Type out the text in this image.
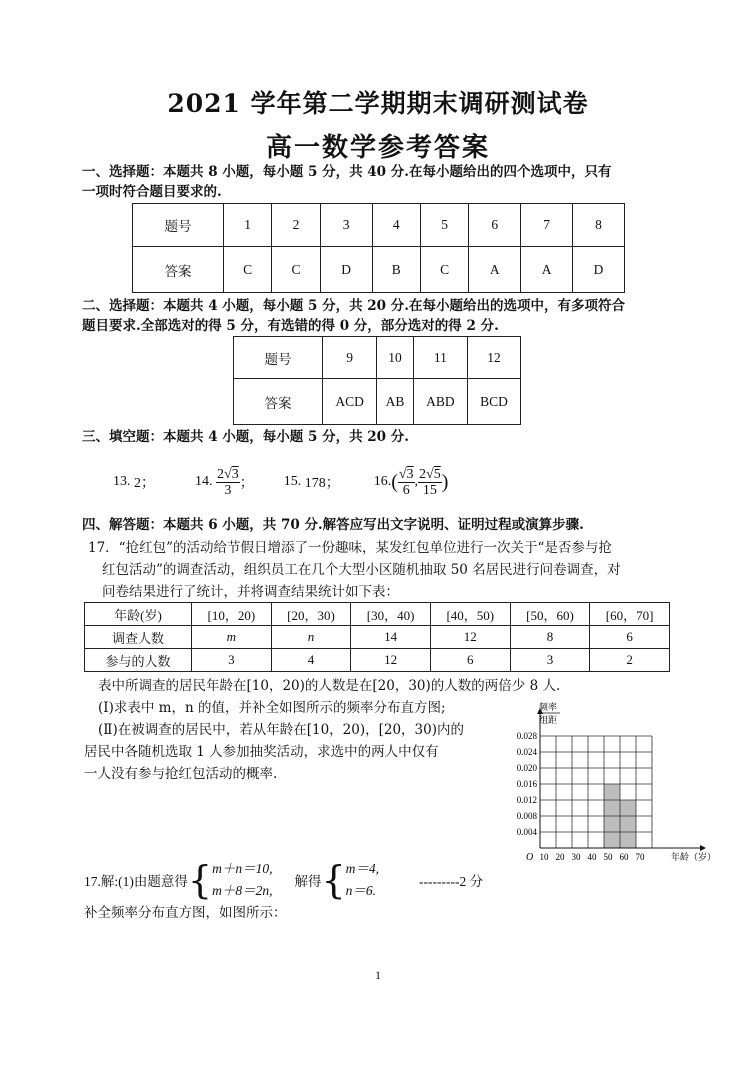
2021 学年第二学期期末调研测试卷
高一数学参考答案
一、选择题：本题共 8 小题，每小题 5 分，共 40 分.在每小题给出的四个选项中，只有
一项时符合题目要求的.
题号	1	2	3	4	5	6	7	8
答案	C	C	D	B	C	A	A	D
二、选择题：本题共 4 小题，每小题 5 分，共 20 分.在每小题给出的选项中，有多项符合
题目要求.全部选对的得 5 分，有选错的得 0 分，部分选对的得 2 分.
题号	9	10	11	12
答案	ACD	AB	ABD	BCD
三、填空题：本题共 4 小题，每小题 5 分，共 20 分.
13.
2；	14.
$\frac{2√3}{3}$ ； 15.
178； 16. ( $\frac{√3}{6}$ , $\frac{2√5}{15}$ )
四、解答题：本题共 6 小题，共 70 分.解答应写出文字说明、证明过程或演算步骤.
17．“抢红包”的活动给节假日增添了一份趣味，某发红包单位进行一次关于“是否参与抢
红包活动”的调查活动，组织员工在几个大型小区随机抽取 50 名居民进行问卷调查，对
问卷结果进行了统计，并将调查结果统计如下表：
年龄(岁)	[10，20)	[20，30)	[30，40)	[40，50)	[50，60)	[60，70]
调查人数	m	n	14	12	8	6
参与的人数	3	4	12	6	3	2
表中所调查的居民年龄在[10，20)的人数是在[20，30)的人数的两倍少 8 人.
(Ⅰ)求表中 m，n 的值，并补全如图所示的频率分布直方图;
(Ⅱ)在被调查的居民中，若从年龄在[10，20)，[20，30)内的
居民中各随机选取 1 人参加抽奖活动，求选中的两人中仅有
一人没有参与抢红包活动的概率.
0.028
0.024
0.020
0.016
0.012
0.008
0.004
10 20 30 40 50 60 70
O	年龄（岁）
频率
组距
17.解: (1)由题意得 { m＋n＝10,
m＋8＝2n,
解得 { m＝4,
n＝6.
---------2 分
补全频率分布直方图，如图所示：
1
